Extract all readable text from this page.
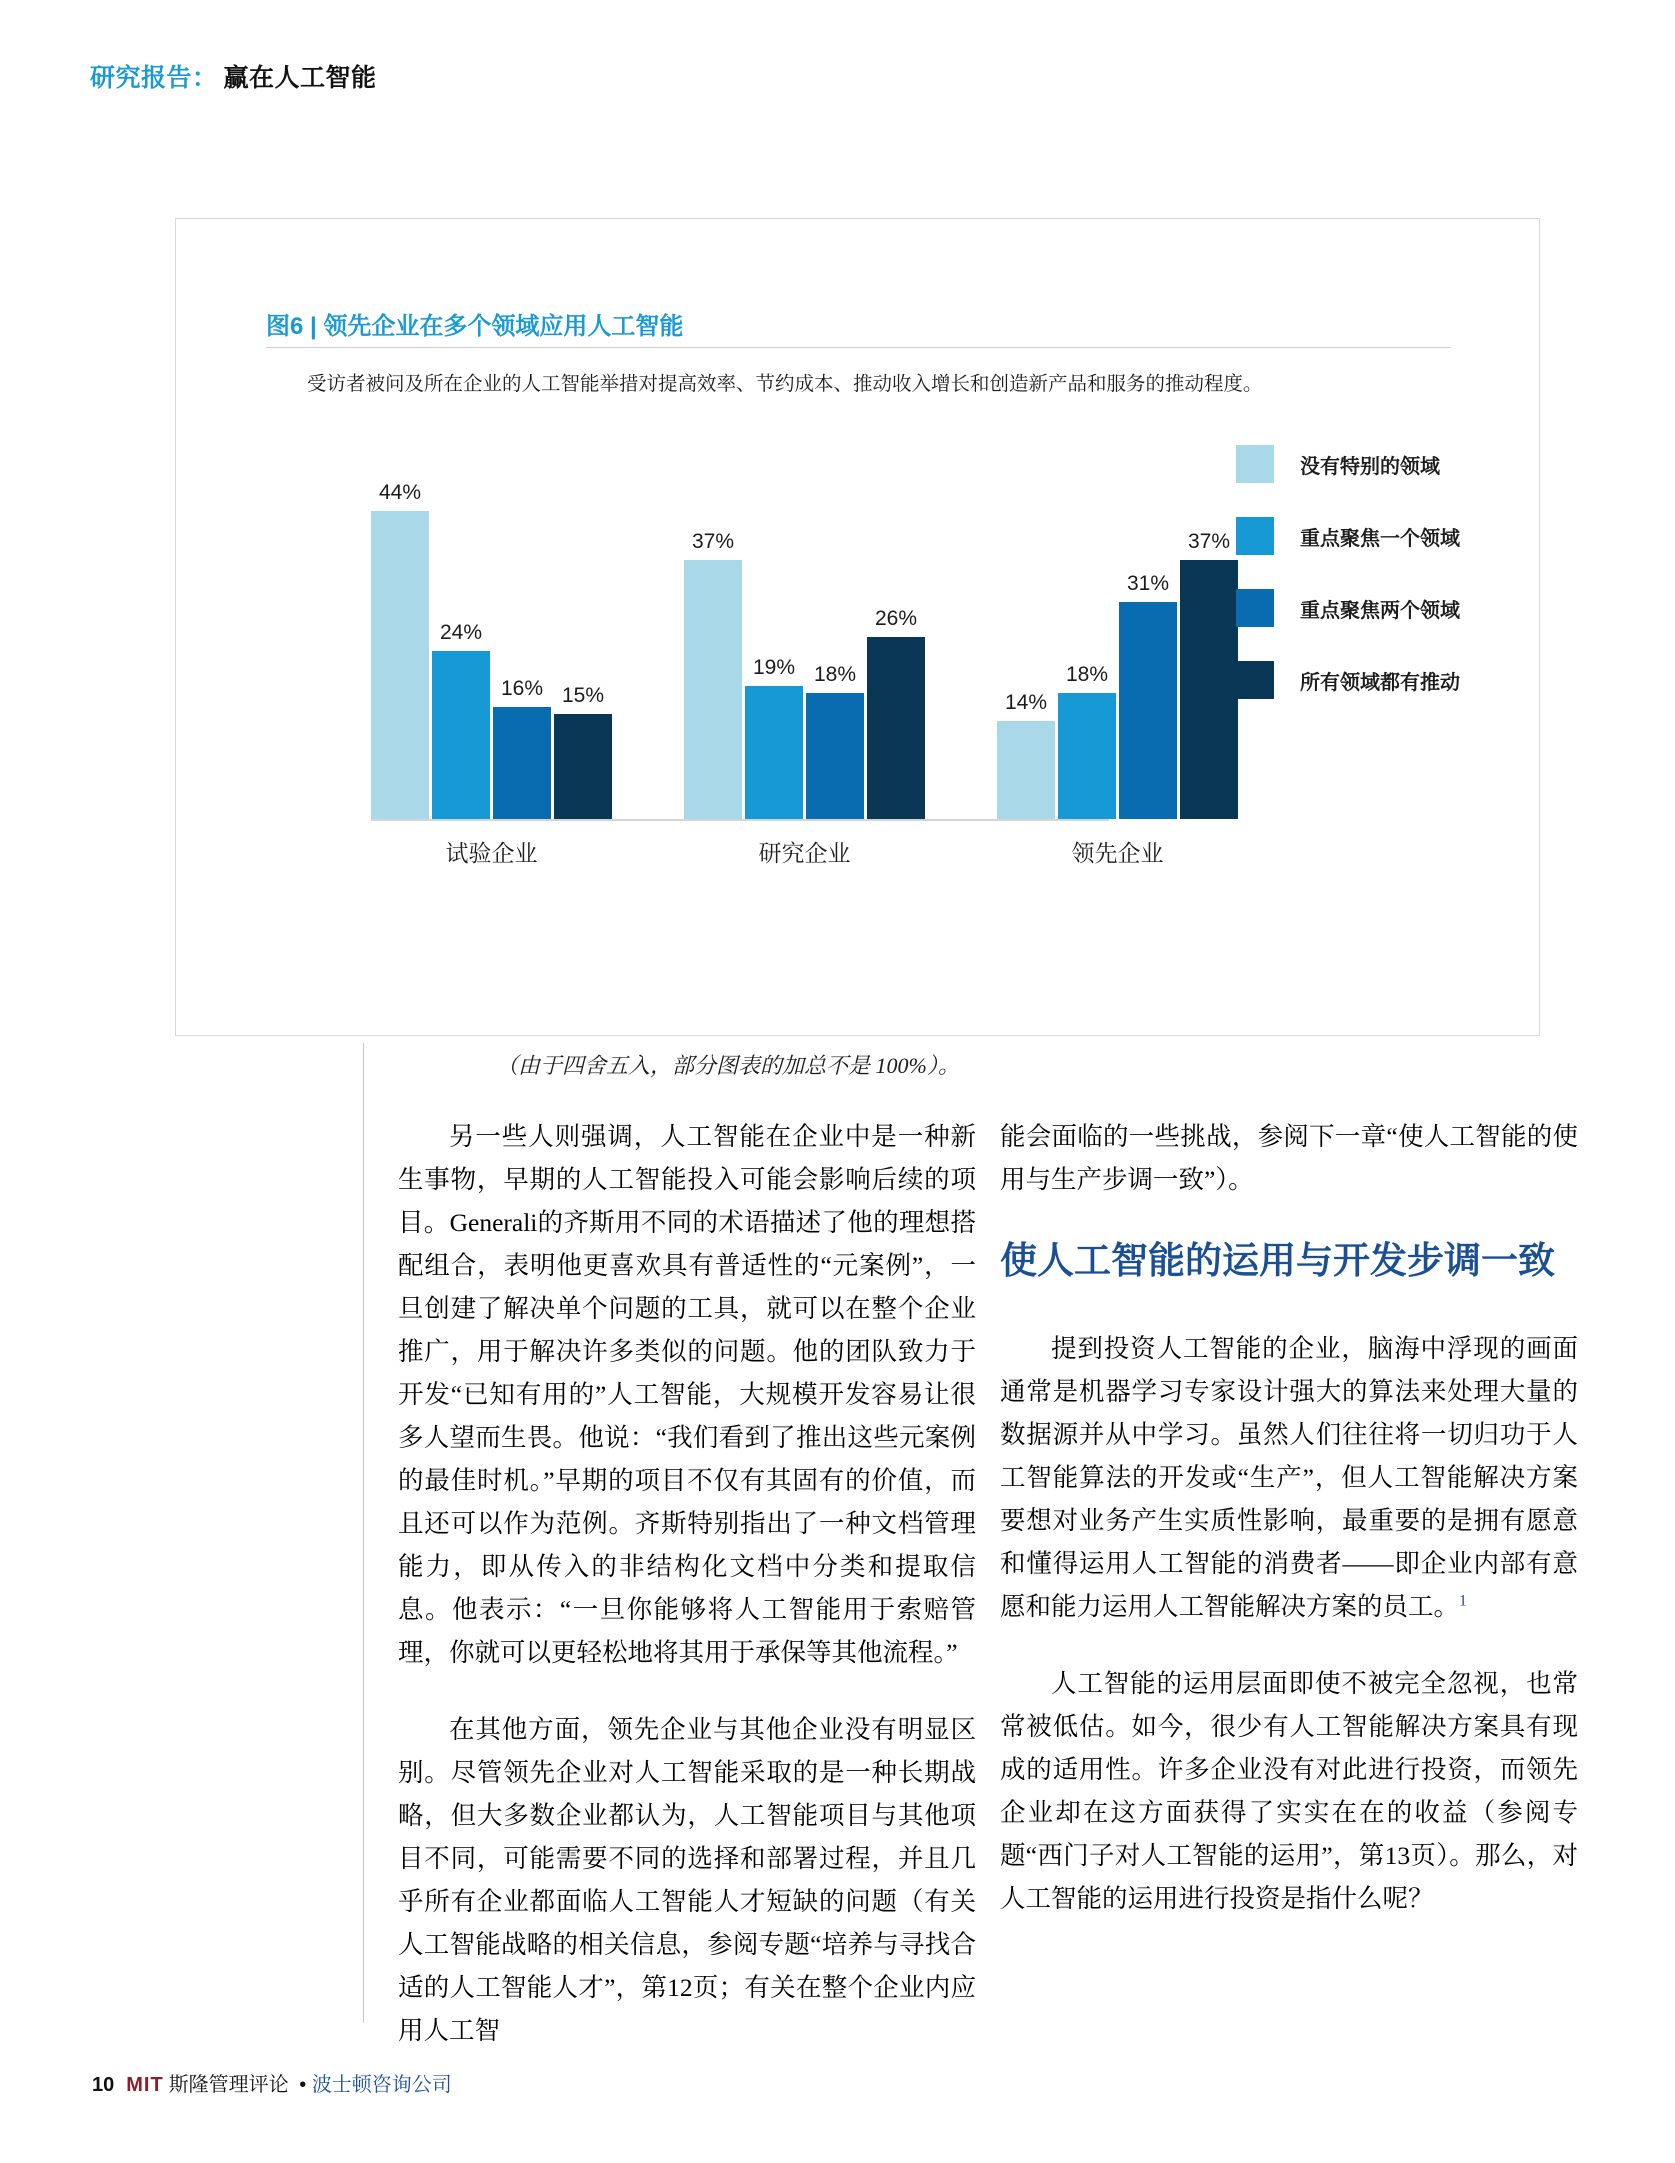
研究报告： 赢在人工智能
图6 | 领先企业在多个领域应用人工智能
受访者被问及所在企业的人工智能举措对提高效率、节约成本、推动收入增长和创造新产品和服务的推动程度。
44%
24%
16% 15%
37%
19% 18%
26%
14%
18%
31%
37%
试验企业	研究企业	领先企业
没有特别的领域
重点聚焦一个领域
重点聚焦两个领域
所有领域都有推动
（由于四舍五入，部分图表的加总不是 100%）。

另一些人则强调，人工智能在企业中是一种新生事物，早期的人工智能投入可能会影响后续的项目。Generali的齐斯用不同的术语描述了他的理想搭配组合，表明他更喜欢具有普适性的“元案例”，一旦创建了解决单个问题的工具，就可以在整个企业推广，用于解决许多类似的问题。他的团队致力于开发“已知有用的”人工智能，大规模开发容易让很多人望而生畏。他说：“我们看到了推出这些元案例的最佳时机。”早期的项目不仅有其固有的价值，而且还可以作为范例。齐斯特别指出了一种文档管理能力，即从传入的非结构化文档中分类和提取信息。他表示：“一旦你能够将人工智能用于索赔管理，你就可以更轻松地将其用于承保等其他流程。”

在其他方面，领先企业与其他企业没有明显区别。尽管领先企业对人工智能采取的是一种长期战略，但大多数企业都认为，人工智能项目与其他项目不同，可能需要不同的选择和部署过程，并且几乎所有企业都面临人工智能人才短缺的问题（有关人工智能战略的相关信息，参阅专题“培养与寻找合适的人工智能人才”，第12页；有关在整个企业内应用人工智

能会面临的一些挑战，参阅下一章“使人工智能的使用与生产步调一致”）。

使人工智能的运用与开发步调一致

提到投资人工智能的企业，脑海中浮现的画面通常是机器学习专家设计强大的算法来处理大量的数据源并从中学习。虽然人们往往将一切归功于人工智能算法的开发或“生产”，但人工智能解决方案要想对业务产生实质性影响，最重要的是拥有愿意和懂得运用人工智能的消费者——即企业内部有意愿和能力运用人工智能解决方案的员工。$^1$

人工智能的运用层面即使不被完全忽视，也常常被低估。如今，很少有人工智能解决方案具有现成的适用性。许多企业没有对此进行投资，而领先企业却在这方面获得了实实在在的收益（参阅专题“西门子对人工智能的运用”，第13页）。那么，对人工智能的运用进行投资是指什么呢？

10 MIT 斯隆管理评论 • 波士顿咨询公司
